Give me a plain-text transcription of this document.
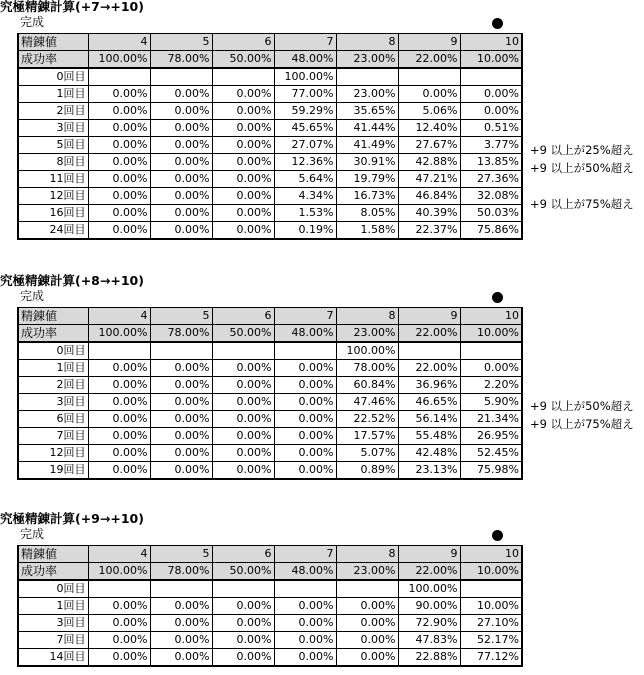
究極精錬計算(+7→+10)
完成
精錬値	4	5	6	7	8	9	10
成功率	100.00%	78.00%	50.00%	48.00%	23.00%	22.00%	10.00%
0回目				100.00%			
1回目	0.00%	0.00%	0.00%	77.00%	23.00%	0.00%	0.00%
2回目	0.00%	0.00%	0.00%	59.29%	35.65%	5.06%	0.00%
3回目	0.00%	0.00%	0.00%	45.65%	41.44%	12.40%	0.51%
5回目	0.00%	0.00%	0.00%	27.07%	41.49%	27.67%	3.77%
8回目	0.00%	0.00%	0.00%	12.36%	30.91%	42.88%	13.85%
11回目	0.00%	0.00%	0.00%	5.64%	19.79%	47.21%	27.36%
12回目	0.00%	0.00%	0.00%	4.34%	16.73%	46.84%	32.08%
16回目	0.00%	0.00%	0.00%	1.53%	8.05%	40.39%	50.03%
24回目	0.00%	0.00%	0.00%	0.19%	1.58%	22.37%	75.86%
+9 以上が25%超え
+9 以上が50%超え
+9 以上が75%超え
究極精錬計算(+8→+10)
完成
精錬値	4	5	6	7	8	9	10
成功率	100.00%	78.00%	50.00%	48.00%	23.00%	22.00%	10.00%
0回目					100.00%		
1回目	0.00%	0.00%	0.00%	0.00%	78.00%	22.00%	0.00%
2回目	0.00%	0.00%	0.00%	0.00%	60.84%	36.96%	2.20%
3回目	0.00%	0.00%	0.00%	0.00%	47.46%	46.65%	5.90%
6回目	0.00%	0.00%	0.00%	0.00%	22.52%	56.14%	21.34%
7回目	0.00%	0.00%	0.00%	0.00%	17.57%	55.48%	26.95%
12回目	0.00%	0.00%	0.00%	0.00%	5.07%	42.48%	52.45%
19回目	0.00%	0.00%	0.00%	0.00%	0.89%	23.13%	75.98%
+9 以上が50%超え
+9 以上が75%超え
究極精錬計算(+9→+10)
完成
精錬値	4	5	6	7	8	9	10
成功率	100.00%	78.00%	50.00%	48.00%	23.00%	22.00%	10.00%
0回目						100.00%	
1回目	0.00%	0.00%	0.00%	0.00%	0.00%	90.00%	10.00%
3回目	0.00%	0.00%	0.00%	0.00%	0.00%	72.90%	27.10%
7回目	0.00%	0.00%	0.00%	0.00%	0.00%	47.83%	52.17%
14回目	0.00%	0.00%	0.00%	0.00%	0.00%	22.88%	77.12%
